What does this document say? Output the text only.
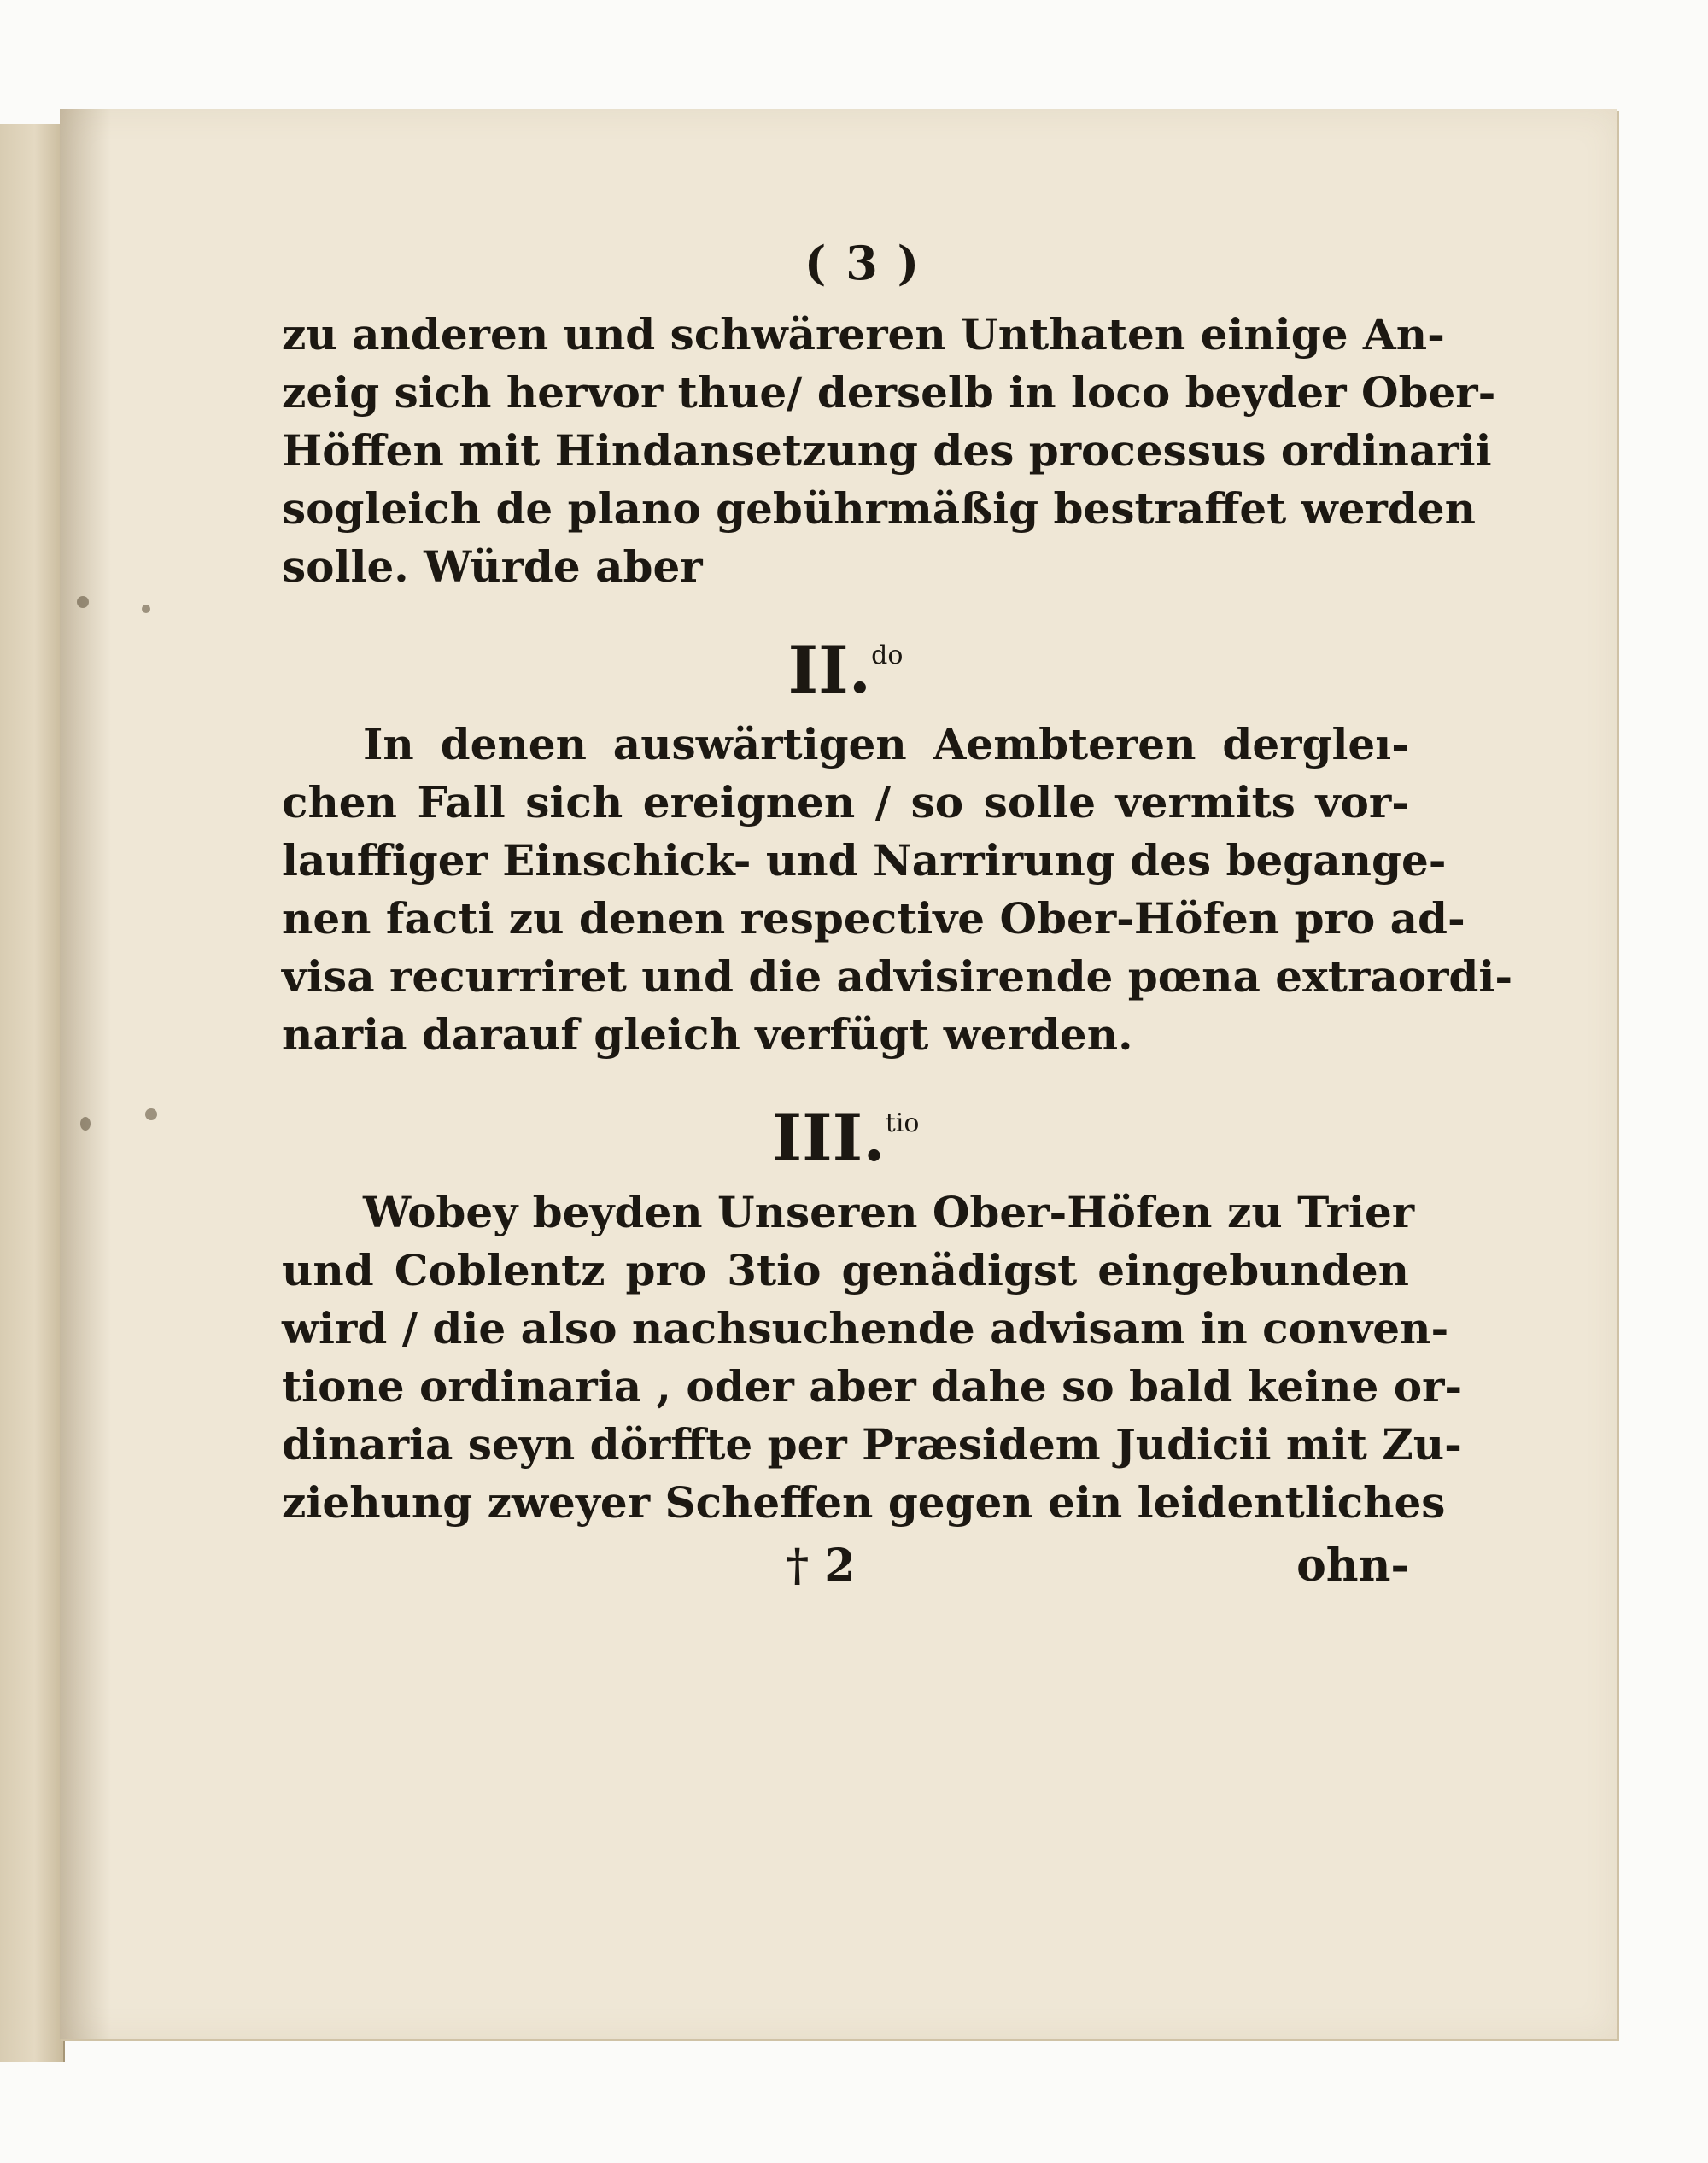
( 3 )
zu anderen und schwäreren Unthaten einige An-
zeig sich hervor thue/ derselb in loco beyder Ober-
Höffen mit Hindansetzung des processus ordinarii
sogleich de plano gebührmäßig bestraffet werden
solle. Würde aber
II.$^{do}$
In denen auswärtigen Aembteren dergleı-
chen Fall sich ereignen / so solle vermits vor-
lauffiger Einschick- und Narrirung des begange-
nen facti zu denen respective Ober-Höfen pro ad-
visa recurriret und die advisirende pœna extraordi-
naria darauf gleich verfügt werden.
III.$^{tio}$
Wobey beyden Unseren Ober-Höfen zu Trier
und Coblentz pro 3tio genädigst eingebunden
wird / die also nachsuchende advisam in conven-
tione ordinaria , oder aber dahe so bald keine or-
dinaria seyn dörffte per Præsidem Judicii mit Zu-
ziehung zweyer Scheffen gegen ein leidentliches
† 2	ohn-
